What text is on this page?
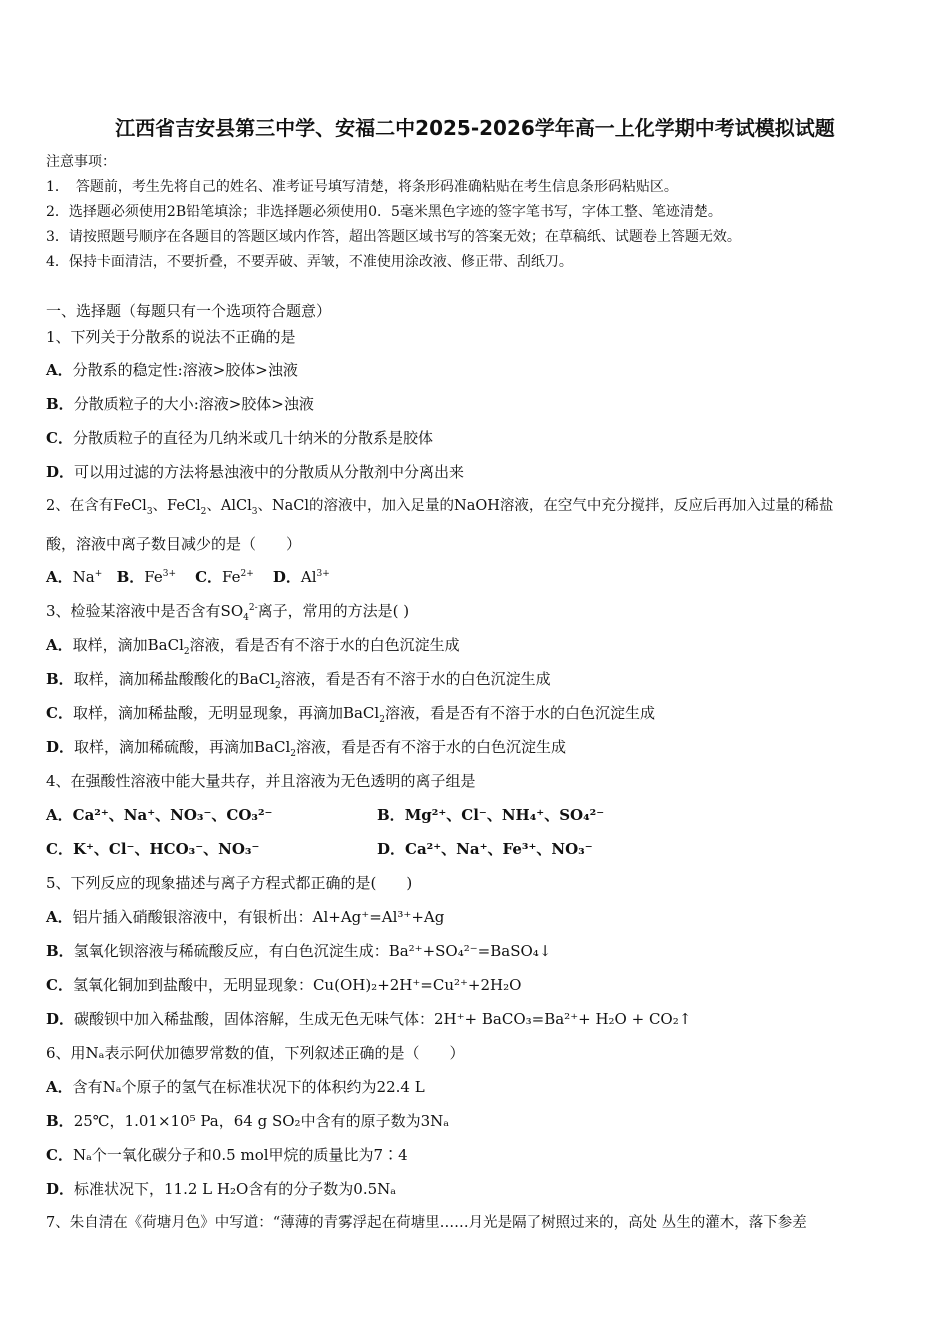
江西省吉安县第三中学、安福二中2025-2026学年高一上化学期中考试模拟试题
注意事项：
1．　答题前，考生先将自己的姓名、准考证号填写清楚，将条形码准确粘贴在考生信息条形码粘贴区。
2．选择题必须使用2B铅笔填涂；非选择题必须使用0．5毫米黑色字迹的签字笔书写，字体工整、笔迹清楚。
3．请按照题号顺序在各题目的答题区域内作答，超出答题区域书写的答案无效；在草稿纸、试题卷上答题无效。
4．保持卡面清洁，不要折叠，不要弄破、弄皱，不准使用涂改液、修正带、刮纸刀。
一、选择题（每题只有一个选项符合题意）
1、下列关于分散系的说法不正确的是
A．分散系的稳定性:溶液>胶体>浊液
B．分散质粒子的大小:溶液>胶体>浊液
C．分散质粒子的直径为几纳米或几十纳米的分散系是胶体
D．可以用过滤的方法将悬浊液中的分散质从分散剂中分离出来
2、在含有FeCl$_3$、FeCl$_2$、AlCl$_3$、NaCl的溶液中，加入足量的NaOH溶液，在空气中充分搅拌，反应后再加入过量的稀盐
酸，溶液中离子数目减少的是（　　）
A．Na+ B．$Fe^{3+}$ C．$Fe^{2+}$ D．$Al^{3+}$
3、检验某溶液中是否含有$SO_4^{2-}$离子，常用的方法是( )
A．取样，滴加BaCl$_2$溶液，看是否有不溶于水的白色沉淀生成
B．取样，滴加稀盐酸酸化的BaCl$_2$溶液，看是否有不溶于水的白色沉淀生成
C．取样，滴加稀盐酸，无明显现象，再滴加BaCl$_2$溶液，看是否有不溶于水的白色沉淀生成
D．取样，滴加稀硫酸，再滴加BaCl$_2$溶液，看是否有不溶于水的白色沉淀生成
4、在强酸性溶液中能大量共存，并且溶液为无色透明的离子组是
A．Ca²⁺、Na⁺、NO₃⁻、CO₃²⁻	B．Mg²⁺、Cl⁻、NH₄⁺、SO₄²⁻
C．K⁺、Cl⁻、HCO₃⁻、NO₃⁻	D．Ca²⁺、Na⁺、Fe³⁺、NO₃⁻
5、下列反应的现象描述与离子方程式都正确的是(　　)
A．铝片插入硝酸银溶液中，有银析出：Al+Ag⁺=Al³⁺+Ag
B．氢氧化钡溶液与稀硫酸反应，有白色沉淀生成：Ba²⁺+SO₄²⁻=BaSO₄↓
C．氢氧化铜加到盐酸中，无明显现象：Cu(OH)₂+2H⁺=Cu²⁺+2H₂O
D．碳酸钡中加入稀盐酸，固体溶解，生成无色无味气体：2H⁺+ BaCO₃=Ba²⁺+ H₂O + CO₂↑
6、用Nₐ表示阿伏加德罗常数的值，下列叙述正确的是（　　）
A．含有Nₐ个原子的氢气在标准状况下的体积约为22.4 L
B．25℃，1.01×10⁵ Pa，64 g SO₂中含有的原子数为3Nₐ
C．Nₐ个一氧化碳分子和0.5 mol甲烷的质量比为7∶4
D．标准状况下，11.2 L H₂O含有的分子数为0.5Nₐ
7、朱自清在《荷塘月色》中写道：“薄薄的青雾浮起在荷塘里……月光是隔了树照过来的，高处 丛生的灌木，落下参差
